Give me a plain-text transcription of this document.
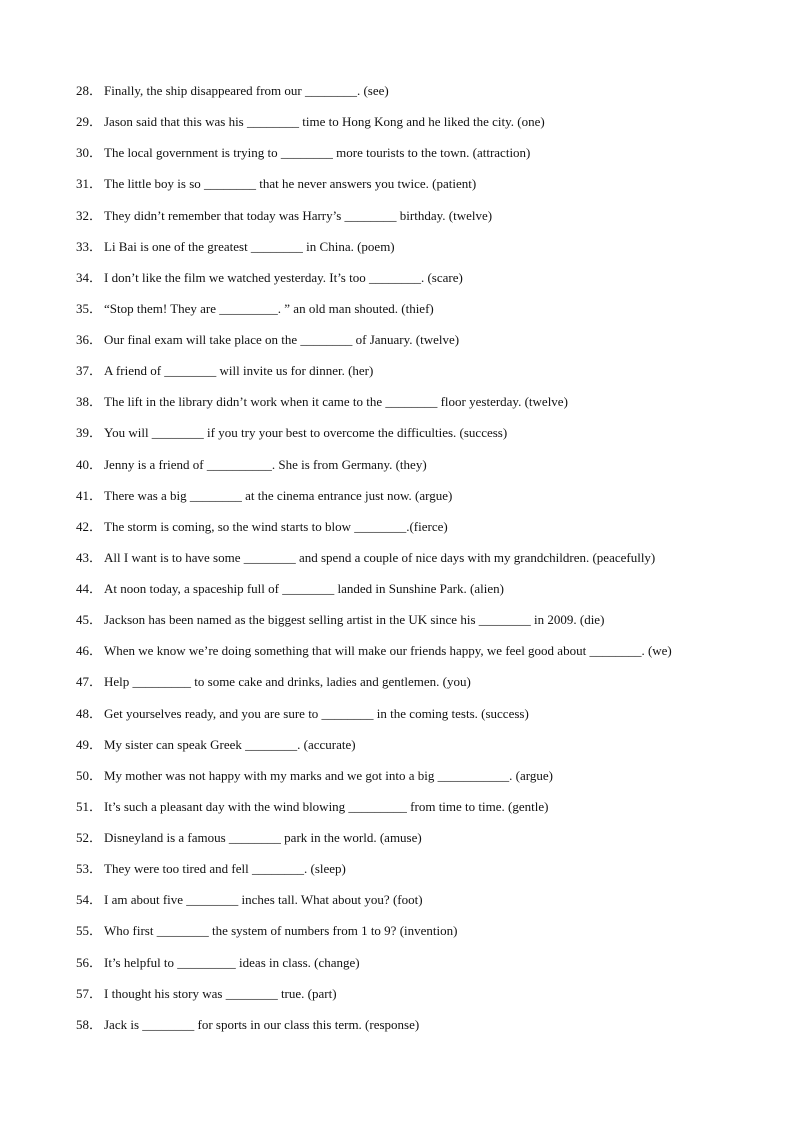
28． Finally, the ship disappeared from our ________. (see)
29． Jason said that this was his ________ time to Hong Kong and he liked the city. (one)
30． The local government is trying to ________ more tourists to the town. (attraction)
31． The little boy is so ________ that he never answers you twice. (patient)
32． They didn’t remember that today was Harry’s ________ birthday. (twelve)
33． Li Bai is one of the greatest ________ in China. (poem)
34． I don’t like the film we watched yesterday. It’s too ________. (scare)
35． “Stop them! They are _________. ” an old man shouted. (thief)
36． Our final exam will take place on the ________ of January. (twelve)
37． A friend of ________ will invite us for dinner. (her)
38． The lift in the library didn’t work when it came to the ________ floor yesterday. (twelve)
39． You will ________ if you try your best to overcome the difficulties. (success)
40． Jenny is a friend of __________. She is from Germany. (they)
41． There was a big ________ at the cinema entrance just now. (argue)
42． The storm is coming, so the wind starts to blow ________.(fierce)
43． All I want is to have some ________ and spend a couple of nice days with my grandchildren. (peacefully)
44． At noon today, a spaceship full of ________ landed in Sunshine Park. (alien)
45． Jackson has been named as the biggest selling artist in the UK since his ________ in 2009. (die)
46． When we know we’re doing something that will make our friends happy, we feel good about ________. (we)
47． Help _________ to some cake and drinks, ladies and gentlemen. (you)
48． Get yourselves ready, and you are sure to ________ in the coming tests. (success)
49． My sister can speak Greek ________. (accurate)
50． My mother was not happy with my marks and we got into a big ___________. (argue)
51． It’s such a pleasant day with the wind blowing _________ from time to time. (gentle)
52． Disneyland is a famous ________ park in the world. (amuse)
53． They were too tired and fell ________. (sleep)
54． I am about five ________ inches tall. What about you? (foot)
55． Who first ________ the system of numbers from 1 to 9? (invention)
56． It’s helpful to _________ ideas in class. (change)
57． I thought his story was ________ true. (part)
58． Jack is ________ for sports in our class this term. (response)
